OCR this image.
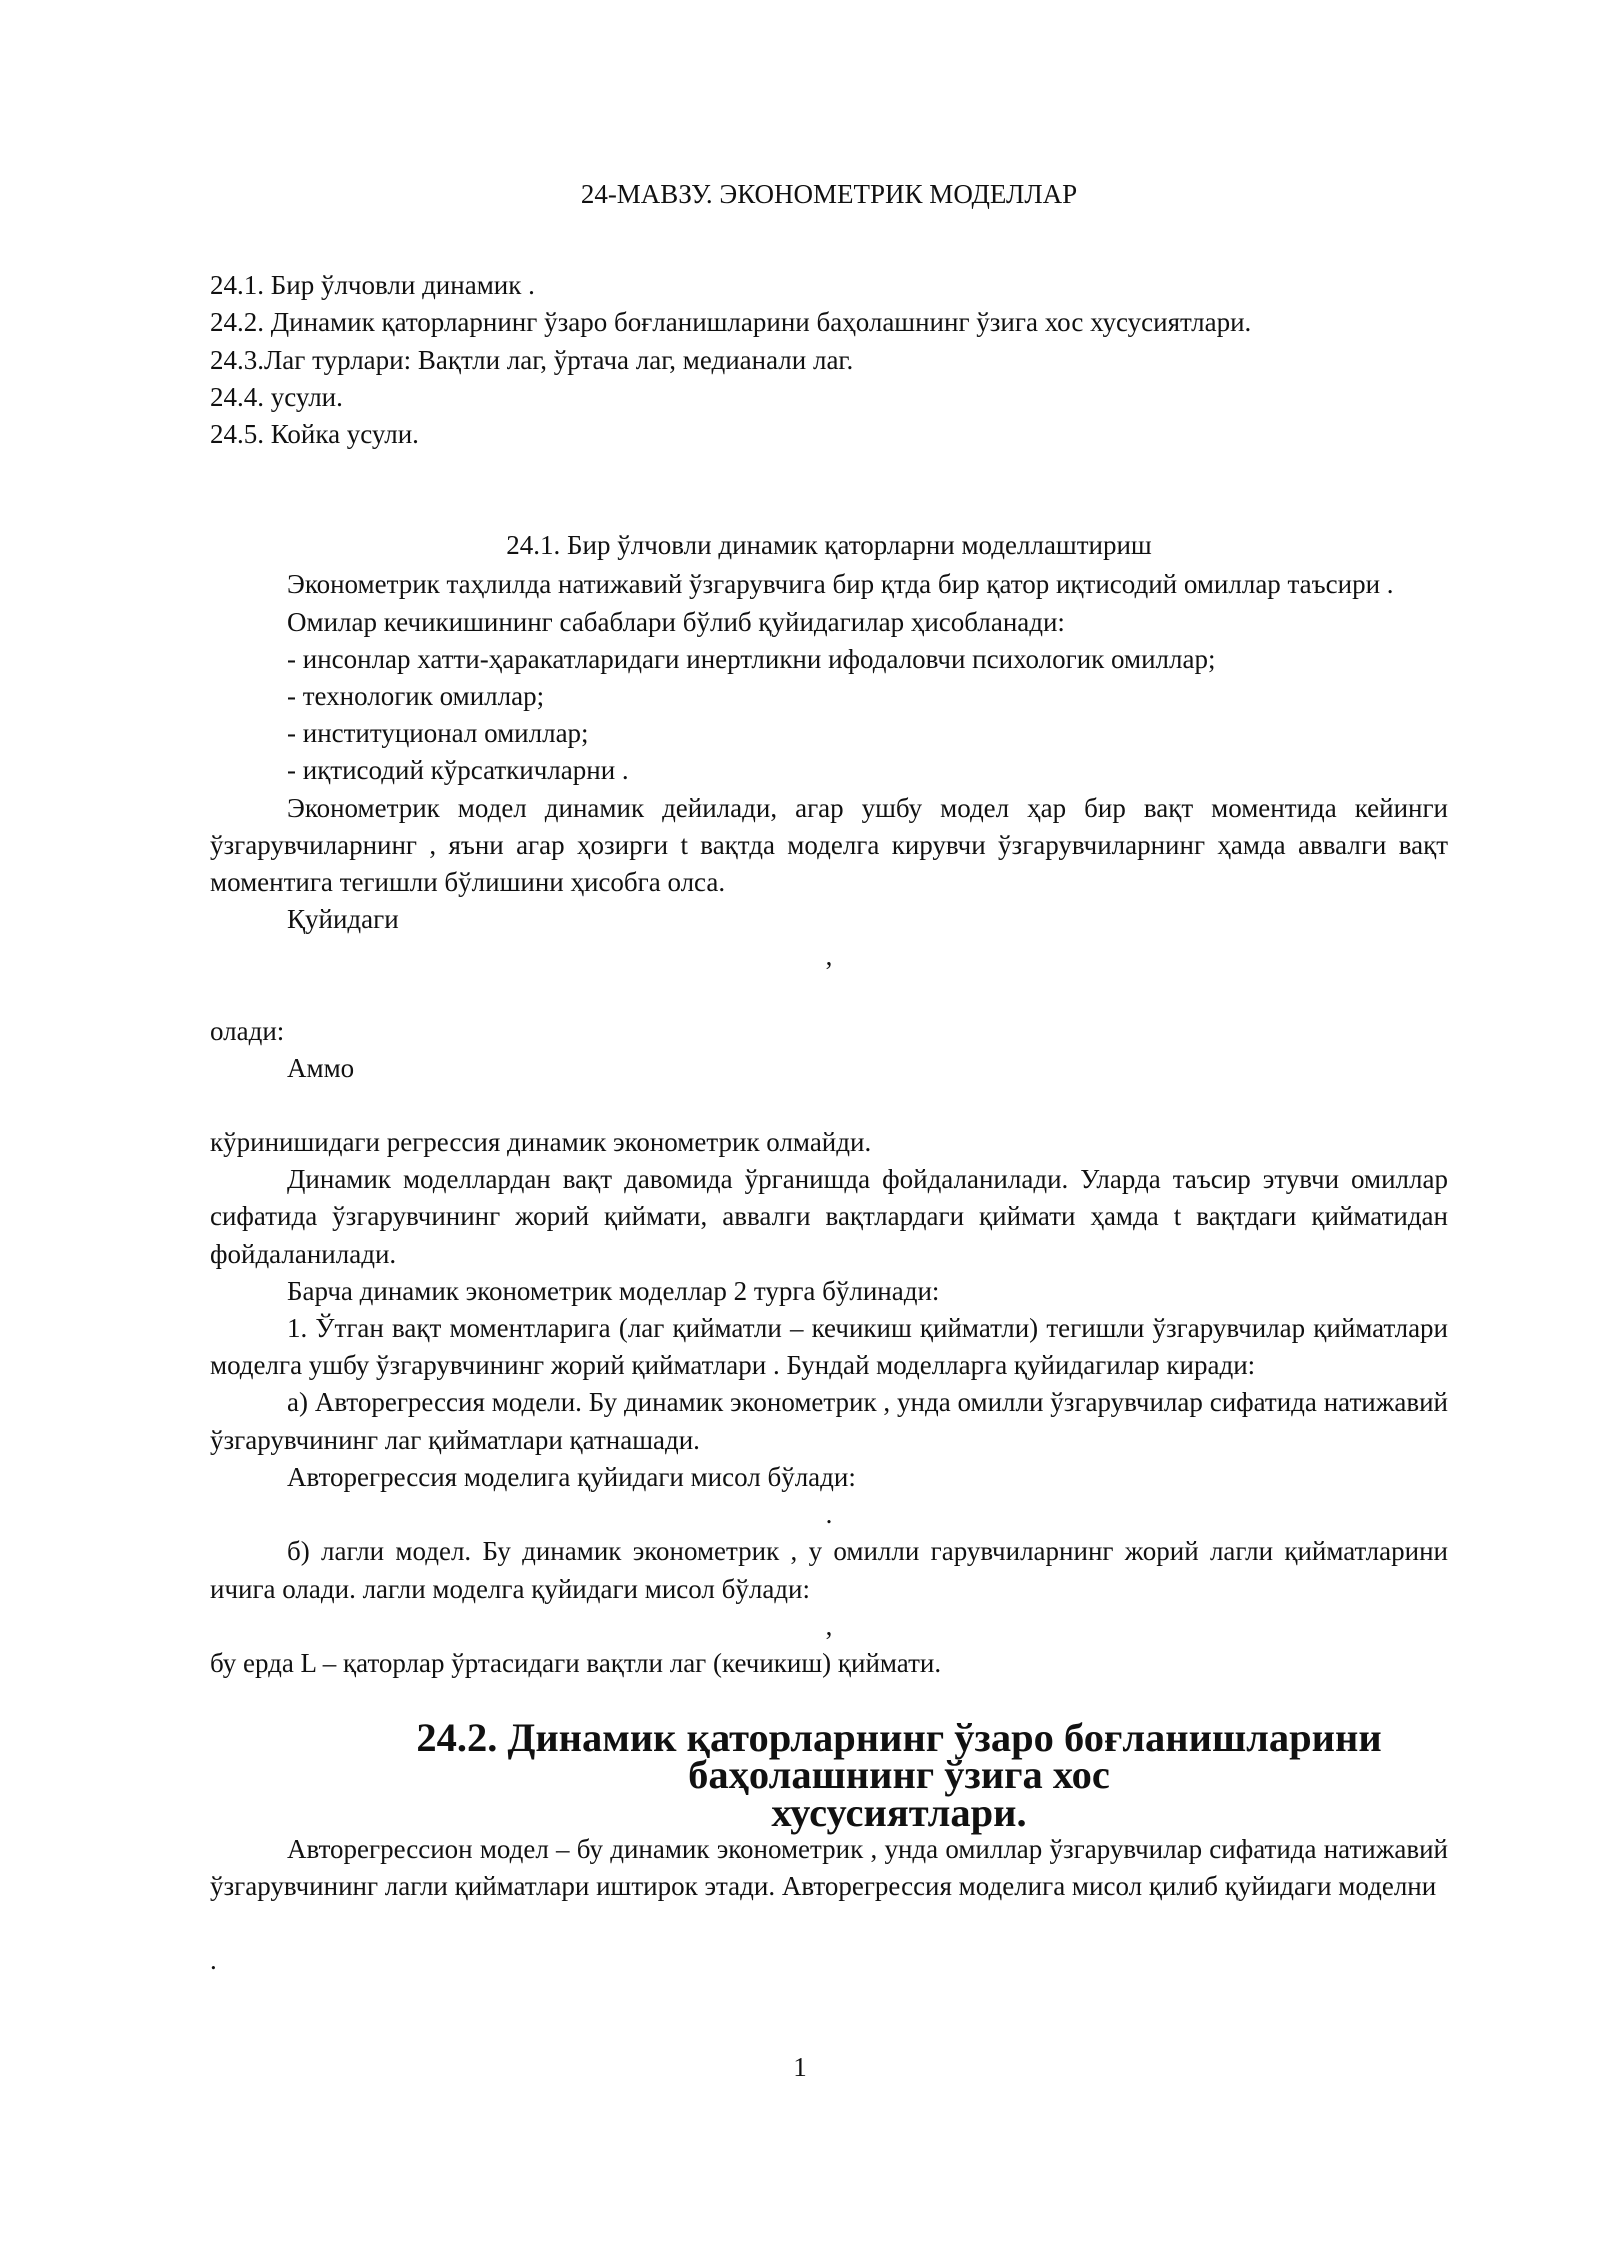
24-МАВЗУ. ЭКОНОМЕТРИК МОДЕЛЛАР

24.1. Бир ўлчовли динамик .

24.2. Динамик қаторларнинг ўзаро боғланишларини баҳолашнинг ўзига хос хусусиятлари.

24.3.Лаг турлари: Вақтли лаг, ўртача лаг, медианали лаг.

24.4. усули.

24.5. Койка усули.

24.1. Бир ўлчовли динамик қаторларни моделлаштириш

Эконометрик таҳлилда натижавий ўзгарувчига бир қтда бир қатор иқтисодий омиллар таъсири .

Омилар кечикишининг сабаблари бўлиб қуйидагилар ҳисобланади:

- инсонлар хатти-ҳаракатларидаги инертликни ифодаловчи психологик омиллар;

- технологик омиллар;

- институционал омиллар;

- иқтисодий кўрсаткичларни .

Эконометрик модел динамик дейилади, агар ушбу модел ҳар бир вақт моментида кейинги ўзгарувчиларнинг , яъни агар ҳозирги t вақтда моделга кирувчи ўзгарувчиларнинг ҳамда аввалги вақт моментига тегишли бўлишини ҳисобга олса.

Қуйидаги

,

олади:

Аммо

кўринишидаги регрессия динамик эконометрик олмайди.

Динамик моделлардан вақт давомида ўрганишда фойдаланилади. Уларда таъсир этувчи омиллар сифатида ўзгарувчининг жорий қиймати, аввалги вақтлардаги қиймати ҳамда t вақтдаги қийматидан фойдаланилади.

Барча динамик эконометрик моделлар 2 турга бўлинади:

1. Ўтган вақт моментларига (лаг қийматли – кечикиш қийматли) тегишли ўзгарувчилар қийматлари моделга ушбу ўзгарувчининг жорий қийматлари . Бундай моделларга қуйидагилар киради:

а) Авторегрессия модели. Бу динамик эконометрик , унда омилли ўзгарувчилар сифатида натижавий ўзгарувчининг лаг қийматлари қатнашади.

Авторегрессия моделига қуйидаги мисол бўлади:

.

б) лагли модел. Бу динамик эконометрик , у омилли гарувчиларнинг жорий лагли қийматларини ичига олади. лагли моделга қуйидаги мисол бўлади:

,

бу ерда L – қаторлар ўртасидаги вақтли лаг (кечикиш) қиймати.

24.2. Динамик қаторларнинг ўзаро боғланишларини баҳолашнинг ўзига хос
хусусиятлари.

Авторегрессион модел – бу динамик эконометрик , унда омиллар ўзгарувчилар сифатида натижавий ўзгарувчининг лагли қийматлари иштирок этади. Авторегрессия моделига мисол қилиб қуйидаги моделни

.

1
